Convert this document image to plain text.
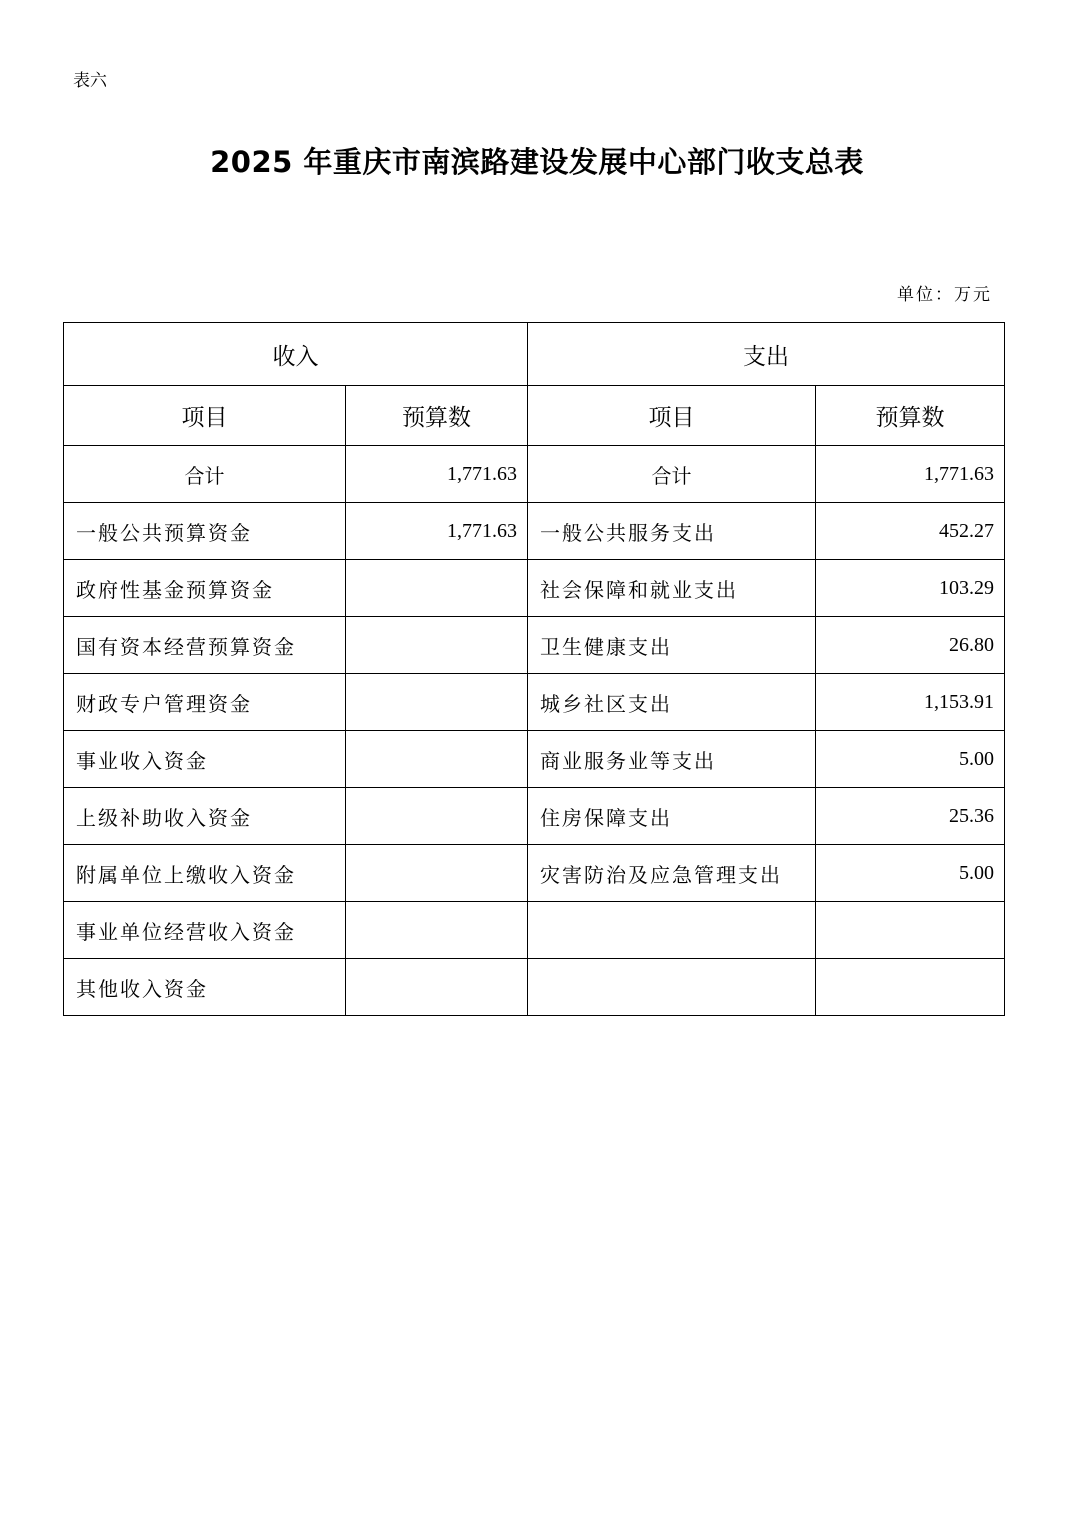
表六
2025 年重庆市南滨路建设发展中心部门收支总表
单位：万元
收入		支出	
项目	预算数	项目	预算数
合计	1,771.63	合计	1,771.63
一般公共预算资金	1,771.63	一般公共服务支出	452.27
政府性基金预算资金		社会保障和就业支出	103.29
国有资本经营预算资金		卫生健康支出	26.80
财政专户管理资金		城乡社区支出	1,153.91
事业收入资金		商业服务业等支出	5.00
上级补助收入资金		住房保障支出	25.36
附属单位上缴收入资金		灾害防治及应急管理支出	5.00
事业单位经营收入资金			
其他收入资金			
